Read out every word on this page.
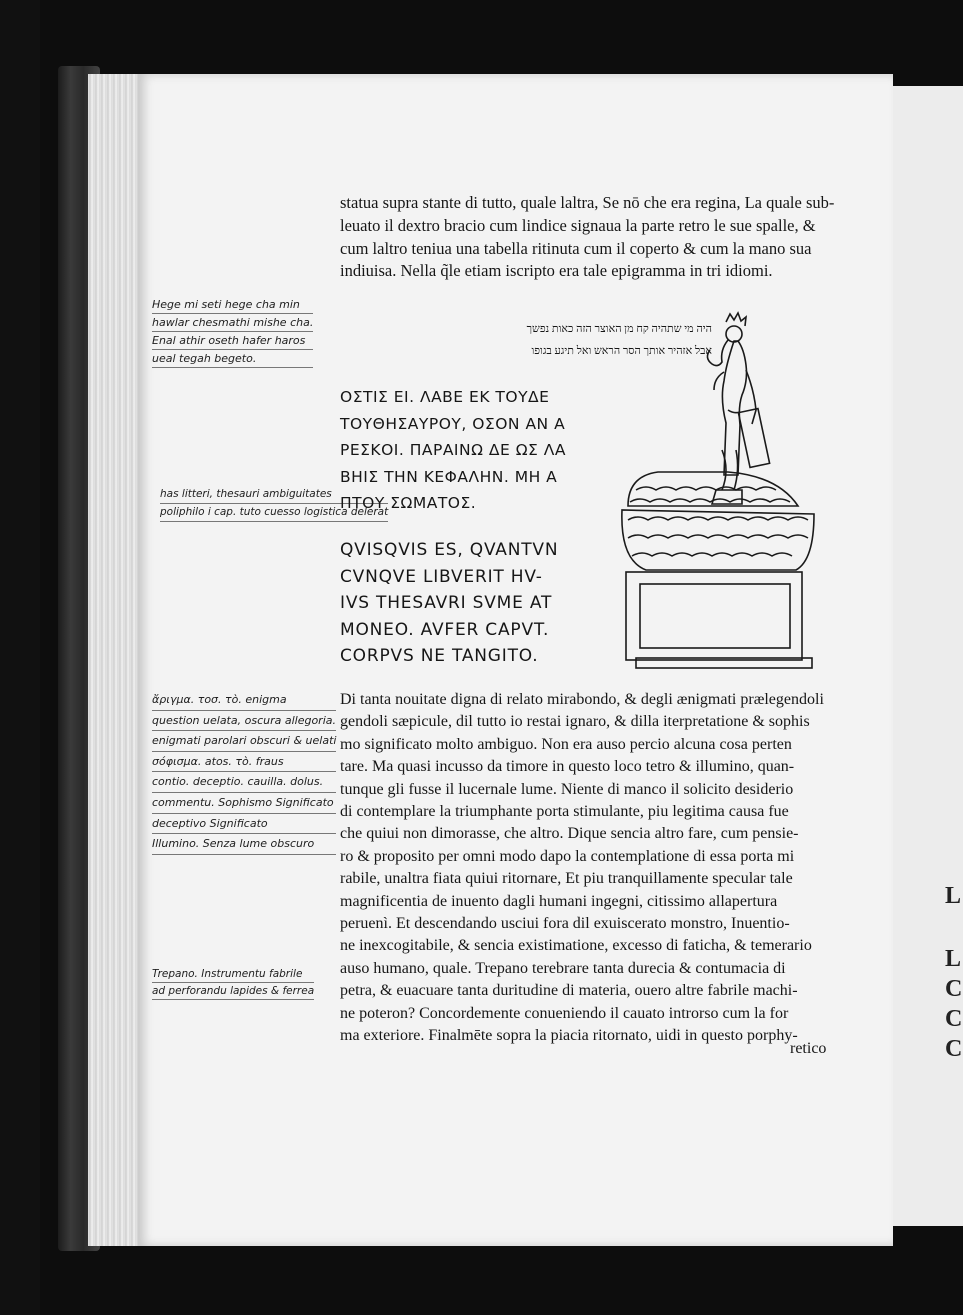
L
L
C
C
C
Hege mi seti hege cha min
hawlar chesmathi mishe cha.
Enal athir oseth hafer haros
ueal tegah begeto.
has litteri, thesauri ambiguitates
poliphilo i cap. tuto cuesso logistica delerat
ἄριγμα. τοσ. τὸ. enigma
question uelata, oscura allegoria.
enigmati parolari obscuri & uelati
σόφισμα. atos. τὸ. fraus
contio. deceptio. cauilla. dolus.
commentu. Sophismo Significato
deceptivo Significato
Illumino. Senza lume obscuro
Trepano. Instrumentu fabrile
ad perforandu lapides & ferrea
statua supra stante di tutto, quale laltra, Se nō che era regina, La quale sub-
leuato il dextro bracio cum lindice signaua la parte retro le sue spalle, &
cum laltro teniua una tabella ritinuta cum il coperto & cum la mano sua
indiuisa. Nella q̃le etiam iscripto era tale epigramma in tri idiomi.
היה מי שתהיה קח מן האוצר הזה כאות נפשך
אבל אזהיר אותך הסר הראש ואל תיגע בגופו
ΟΣΤΙΣ ΕΙ. ΛΑΒΕ ΕΚ ΤΟΥΔΕ
ΤΟΥΘΗΣΑΥΡΟΥ, ΟΣΟΝ ΑΝ Α
ΡΕΣΚΟΙ. ΠΑΡΑΙΝΩ ΔΕ ΩΣ ΛΑ
ΒΗΙΣ ΤΗΝ ΚΕΦΑΛΗΝ. ΜΗ Α
ΠΤΟΥ ΣΩΜΑΤΟΣ.
QVISQVIS ES, QVANTVN
CVNQVE LIBVERIT HV-
IVS THESAVRI SVME AT
MONEO. AVFER CAPVT.
CORPVS NE TANGITO.
Di tanta nouitate digna di relato mirabondo, & degli ænigmati prælegendoli
gendoli sæpicule, dil tutto io restai ignaro, & dilla iterpretatione & sophis
mo significato molto ambiguo. Non era auso percio alcuna cosa perten
tare. Ma quasi incusso da timore in questo loco tetro & illumino, quan-
tunque gli fusse il lucernale lume. Niente di manco il solicito desiderio
di contemplare la triumphante porta stimulante, piu legitima causa fue
che quiui non dimorasse, che altro. Dique sencia altro fare, cum pensie-
ro & proposito per omni modo dapo la contemplatione di essa porta mi
rabile, unaltra fiata quiui ritornare, Et piu tranquillamente specular tale
magnificentia de inuento dagli humani ingegni, citissimo allapertura
peruenì. Et descendando usciui fora dil exuiscerato monstro, Inuentio-
ne inexcogitabile, & sencia existimatione, excesso di faticha, & temerario
auso humano, quale. Trepano terebrare tanta durecia & contumacia di
petra, & euacuare tanta duritudine di materia, ouero altre fabrile machi-
ne poteron? Concordemente conueniendo il cauato introrso cum la for
ma exteriore. Finalmēte sopra la piacia ritornato, uidi in questo porphy-
retico
